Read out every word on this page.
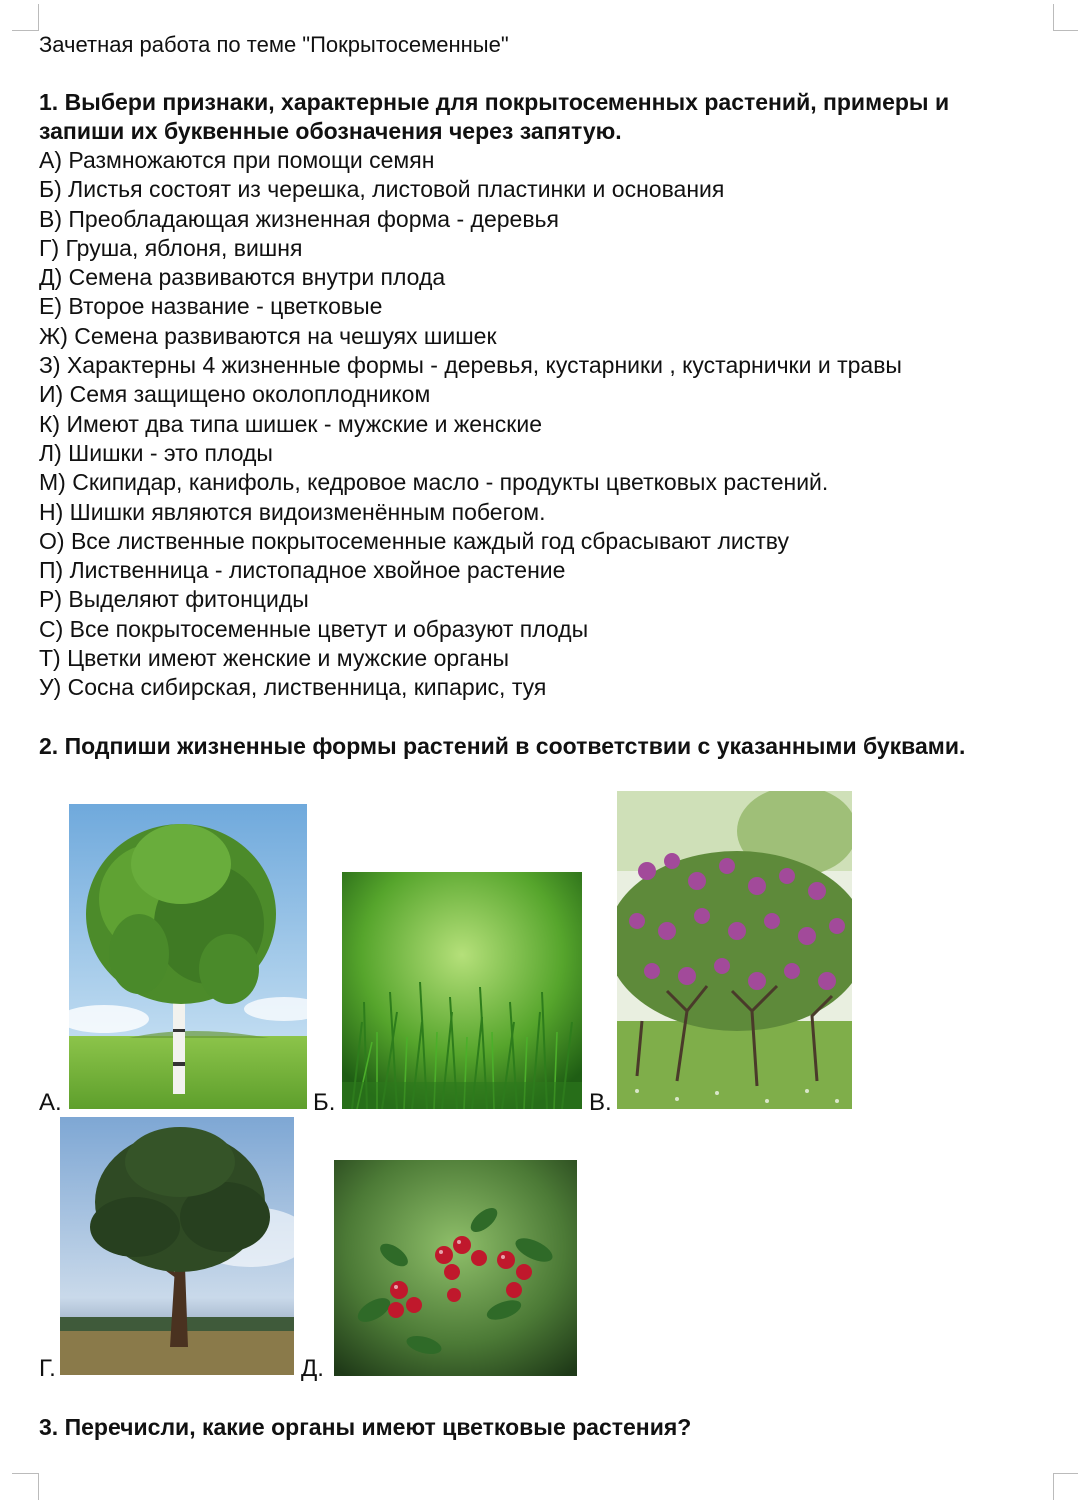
Зачетная работа по теме "Покрытосеменные"

1. Выбери признаки, характерные для покрытосеменных растений, примеры и

запиши их буквенные обозначения через запятую.

А) Размножаются при помощи семян
Б) Листья состоят из черешка, листовой пластинки и основания
В) Преобладающая жизненная форма - деревья
Г) Груша, яблоня, вишня
Д) Семена развиваются внутри плода
Е) Второе название - цветковые
Ж) Семена развиваются на чешуях шишек
З) Характерны 4 жизненные формы - деревья, кустарники , кустарнички и травы
И) Семя защищено околоплодником
К) Имеют два типа шишек - мужские и женские
Л) Шишки - это плоды
М) Скипидар, канифоль, кедровое масло - продукты цветковых растений.
Н) Шишки являются видоизменённым побегом.
О) Все лиственные покрытосеменные каждый год сбрасывают листву
П) Лиственница - листопадное хвойное растение
Р) Выделяют фитонциды
С) Все покрытосеменные цветут и образуют плоды
Т) Цветки имеют женские и мужские органы
У) Сосна сибирская, лиственница, кипарис, туя

2. Подпиши жизненные формы растений в соответствии с указанными буквами.

А.	Б.	В.
Г.	Д.

3. Перечисли, какие органы имеют цветковые растения?
